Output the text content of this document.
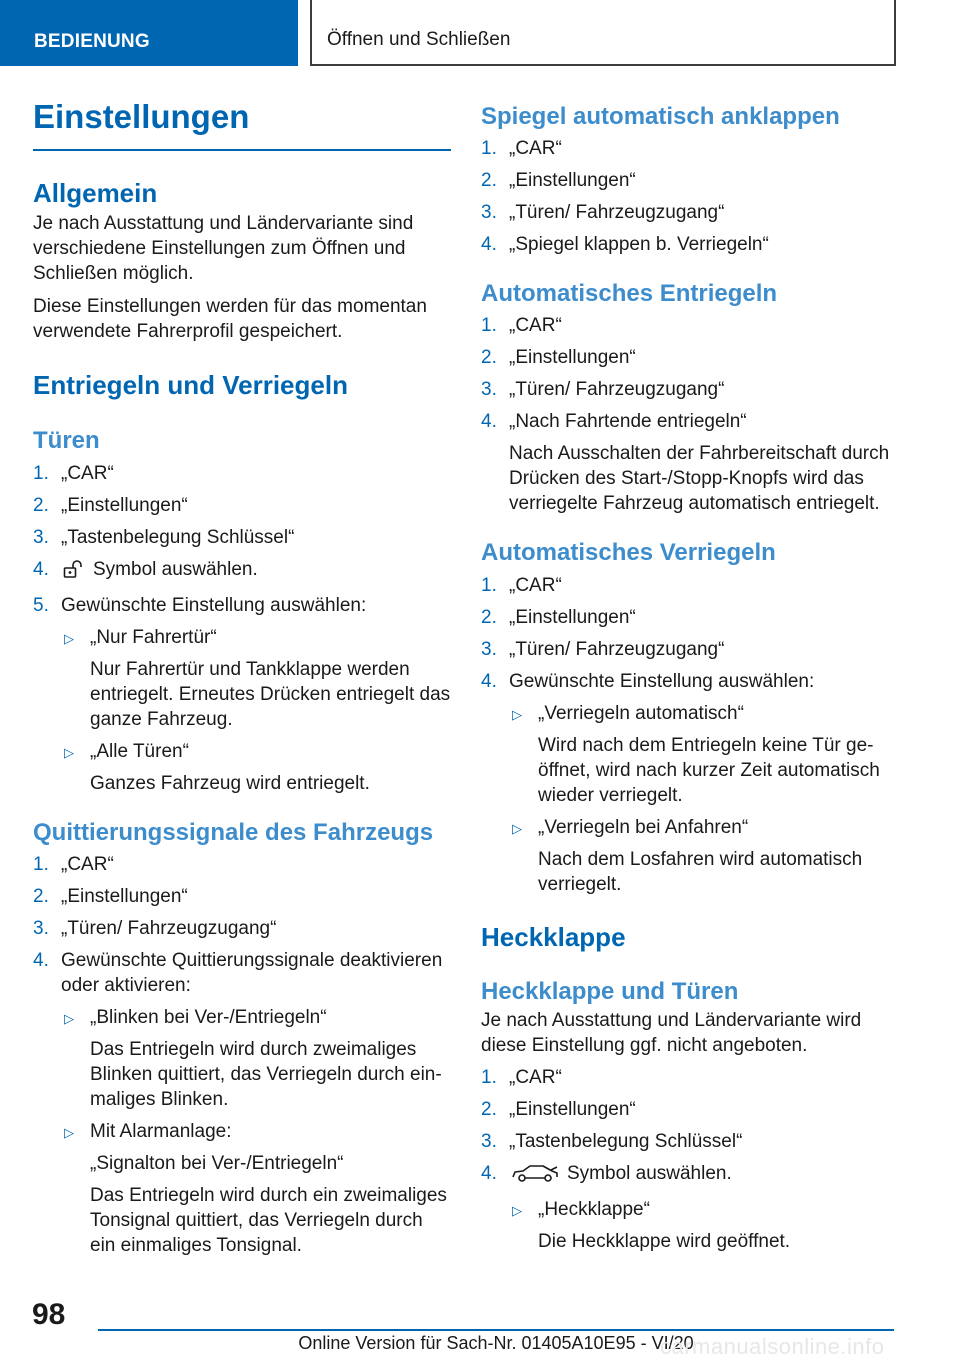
BEDIENUNG	Öffnen und Schließen
Einstellungen
Allgemein

Je nach Ausstattung und Ländervariante sind verschiedene Einstellungen zum Öffnen und Schließen möglich.

Diese Einstellungen werden für das momentan verwendete Fahrerprofil gespeichert.

Entriegeln und Verriegeln
Türen
1. „CAR“
2. „Einstellungen“
3. „Tastenbelegung Schlüssel“
4. Symbol auswählen.
5. Gewünschte Einstellung auswählen:
▷ „Nur Fahrertür“
Nur Fahrertür und Tankklappe werden entriegelt. Erneutes Drücken entriegelt das ganze Fahrzeug.
▷ „Alle Türen“
Ganzes Fahrzeug wird entriegelt.
Quittierungssignale des Fahrzeugs
1. „CAR“
2. „Einstellungen“
3. „Türen/ Fahrzeugzugang“
4. Gewünschte Quittierungssignale deaktivieren oder aktivieren:
▷ „Blinken bei Ver-/Entriegeln“
Das Entriegeln wird durch zweimaliges Blinken quittiert, das Verriegeln durch ein-maliges Blinken.
▷ Mit Alarmanlage:
„Signalton bei Ver-/Entriegeln“
Das Entriegeln wird durch ein zweimaliges Tonsignal quittiert, das Verriegeln durch ein einmaliges Tonsignal.
Spiegel automatisch anklappen
1. „CAR“
2. „Einstellungen“
3. „Türen/ Fahrzeugzugang“
4. „Spiegel klappen b. Verriegeln“
Automatisches Entriegeln
1. „CAR“
2. „Einstellungen“
3. „Türen/ Fahrzeugzugang“
4. „Nach Fahrtende entriegeln“
Nach Ausschalten der Fahrbereitschaft durch Drücken des Start-/Stopp-Knopfs wird das verriegelte Fahrzeug automatisch entriegelt.
Automatisches Verriegeln
1. „CAR“
2. „Einstellungen“
3. „Türen/ Fahrzeugzugang“
4. Gewünschte Einstellung auswählen:
▷ „Verriegeln automatisch“
Wird nach dem Entriegeln keine Tür ge-öffnet, wird nach kurzer Zeit automatisch wieder verriegelt.
▷ „Verriegeln bei Anfahren“
Nach dem Losfahren wird automatisch verriegelt.
Heckklappe
Heckklappe und Türen

Je nach Ausstattung und Ländervariante wird diese Einstellung ggf. nicht angeboten.

1. „CAR“
2. „Einstellungen“
3. „Tastenbelegung Schlüssel“
4.	Symbol auswählen.
▷ „Heckklappe“
Die Heckklappe wird geöffnet.
98
Online Version für Sach-Nr. 01405A10E95 - VI/20
carmanualsonline.info
